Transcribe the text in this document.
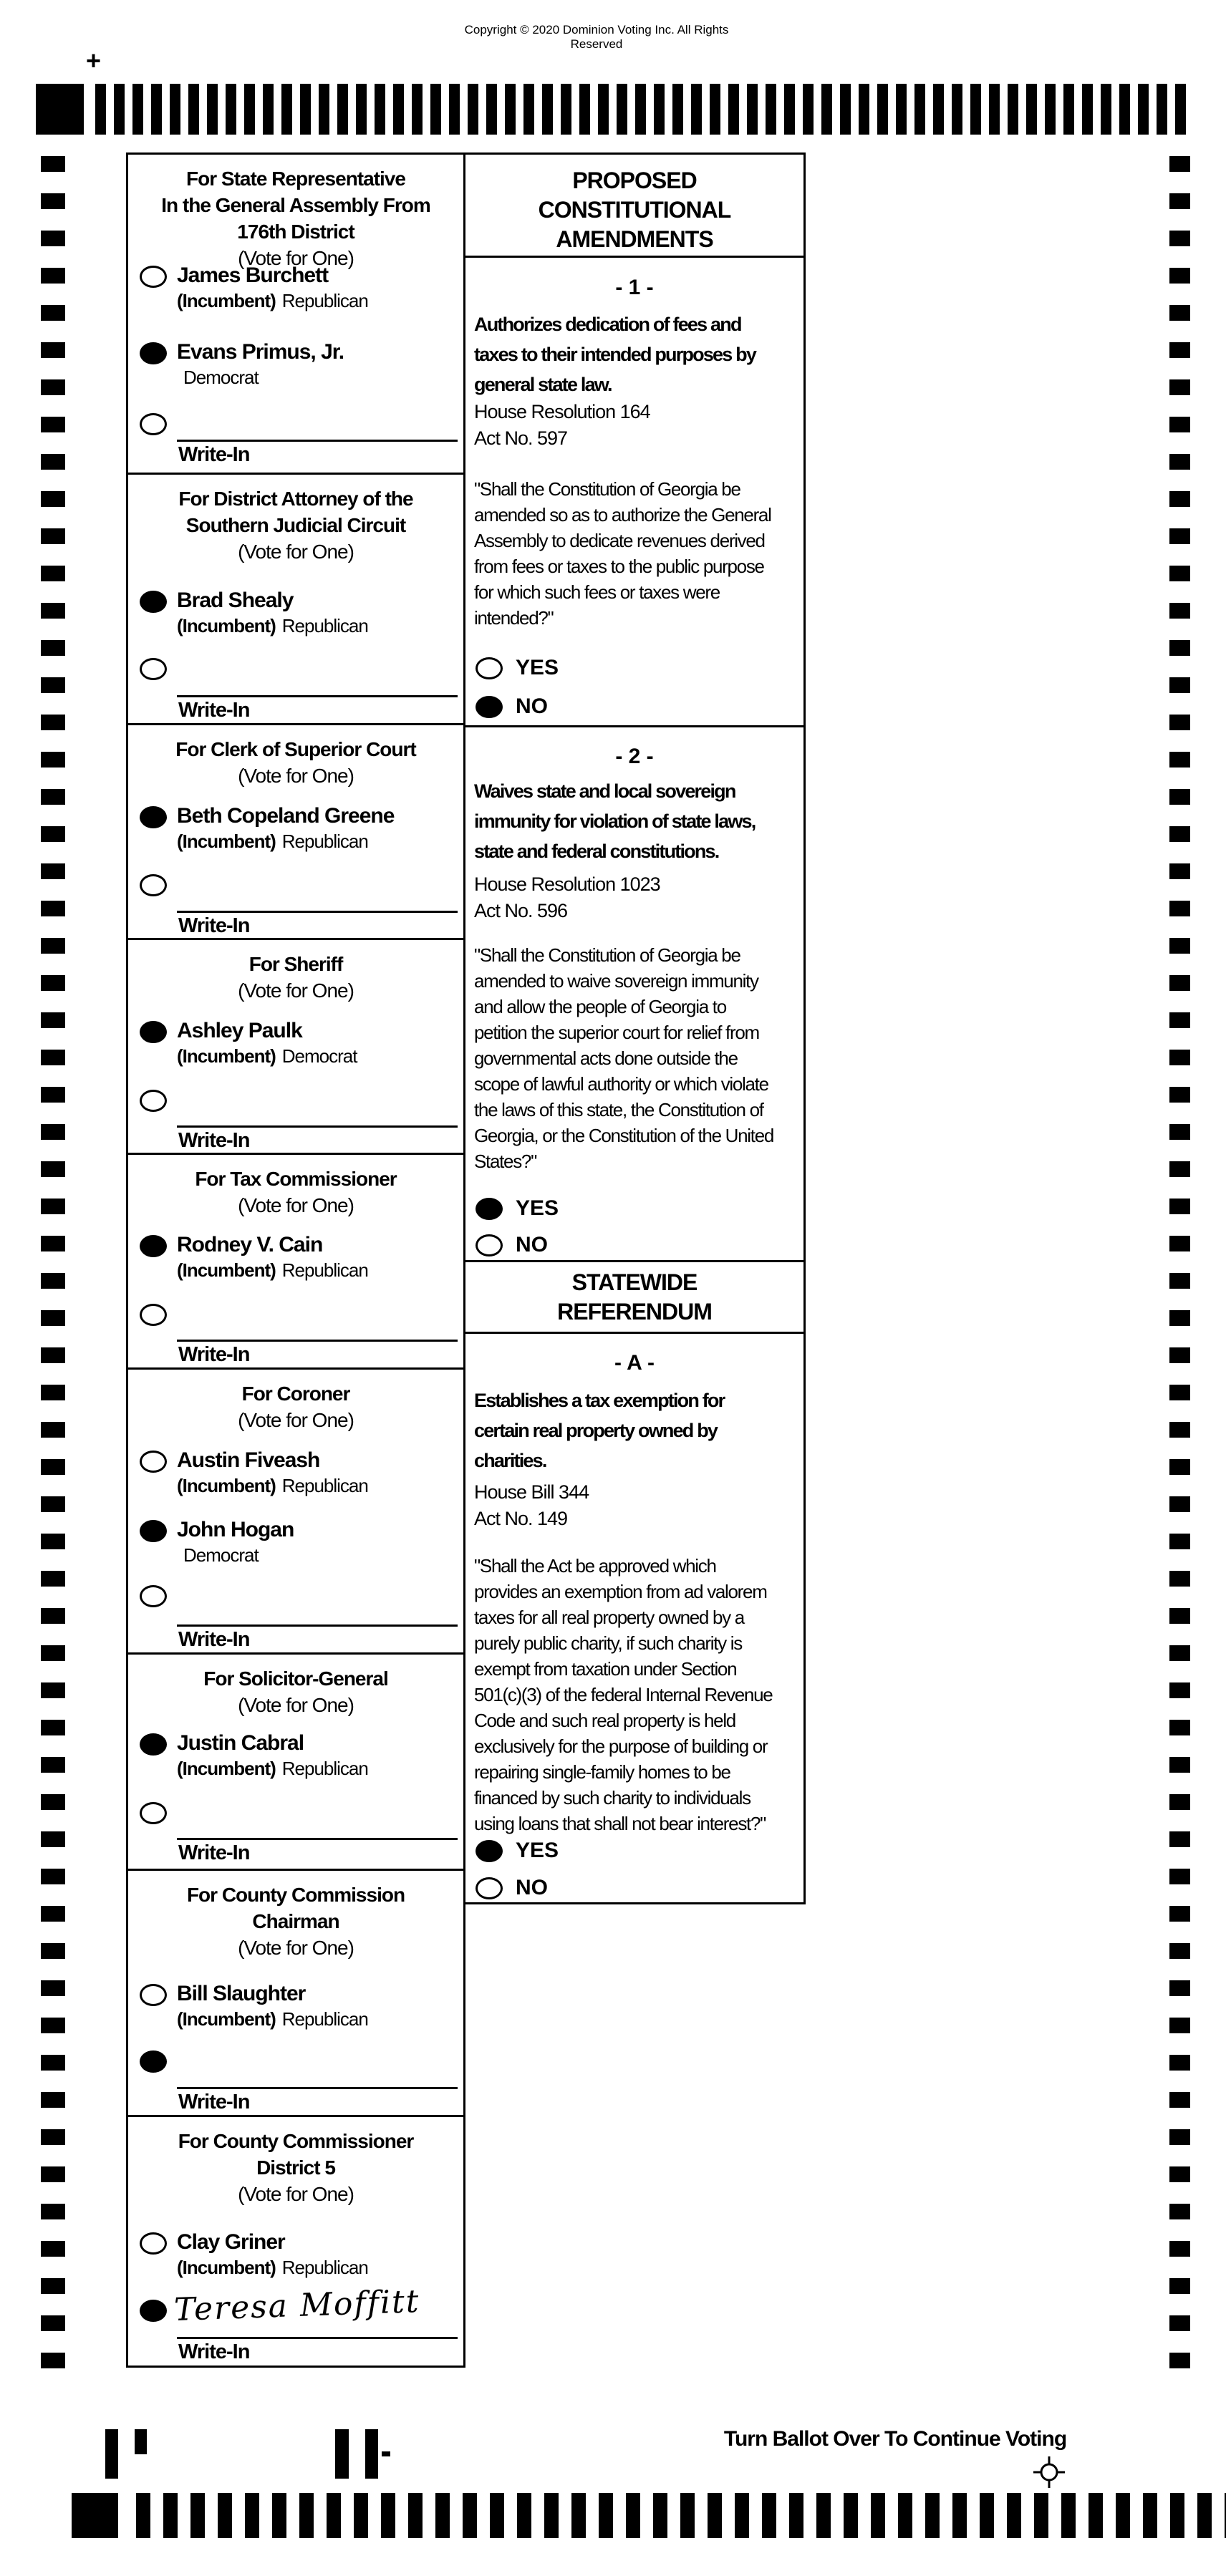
Copyright © 2020 Dominion Voting Inc. All Rights Reserved
+
For State Representative
In the General Assembly From
176th District
(Vote for One)
James Burchett
(Incumbent) Republican
Evans Primus, Jr.
Democrat
Write-In
For District Attorney of the
Southern Judicial Circuit
(Vote for One)
Brad Shealy
(Incumbent) Republican
Write-In
For Clerk of Superior Court
(Vote for One)
Beth Copeland Greene
(Incumbent) Republican
Write-In
For Sheriff
(Vote for One)
Ashley Paulk
(Incumbent) Democrat
Write-In
For Tax Commissioner
(Vote for One)
Rodney V. Cain
(Incumbent) Republican
Write-In
For Coroner
(Vote for One)
Austin Fiveash
(Incumbent) Republican
John Hogan
Democrat
Write-In
For Solicitor-General
(Vote for One)
Justin Cabral
(Incumbent) Republican
Write-In
For County Commission
Chairman
(Vote for One)
Bill Slaughter
(Incumbent) Republican
Write-In
For County Commissioner
District 5
(Vote for One)
Clay Griner
(Incumbent) Republican
Teresa Moffitt
Write-In
PROPOSED
CONSTITUTIONAL
AMENDMENTS
- 1 -
Authorizes dedication of fees and
taxes to their intended purposes by
general state law.
House Resolution 164
Act No. 597
"Shall the Constitution of Georgia be
amended so as to authorize the General
Assembly to dedicate revenues derived
from fees or taxes to the public purpose
for which such fees or taxes were
intended?"
YES
NO
- 2 -
Waives state and local sovereign
immunity for violation of state laws,
state and federal constitutions.
House Resolution 1023
Act No. 596
"Shall the Constitution of Georgia be
amended to waive sovereign immunity
and allow the people of Georgia to
petition the superior court for relief from
governmental acts done outside the
scope of lawful authority or which violate
the laws of this state, the Constitution of
Georgia, or the Constitution of the United
States?"
YES
NO
STATEWIDE
REFERENDUM
- A -
Establishes a tax exemption for
certain real property owned by
charities.
House Bill 344
Act No. 149
"Shall the Act be approved which
provides an exemption from ad valorem
taxes for all real property owned by a
purely public charity, if such charity is
exempt from taxation under Section
501(c)(3) of the federal Internal Revenue
Code and such real property is held
exclusively for the purpose of building or
repairing single-family homes to be
financed by such charity to individuals
using loans that shall not bear interest?"
YES
NO
Turn Ballot Over To Continue Voting
